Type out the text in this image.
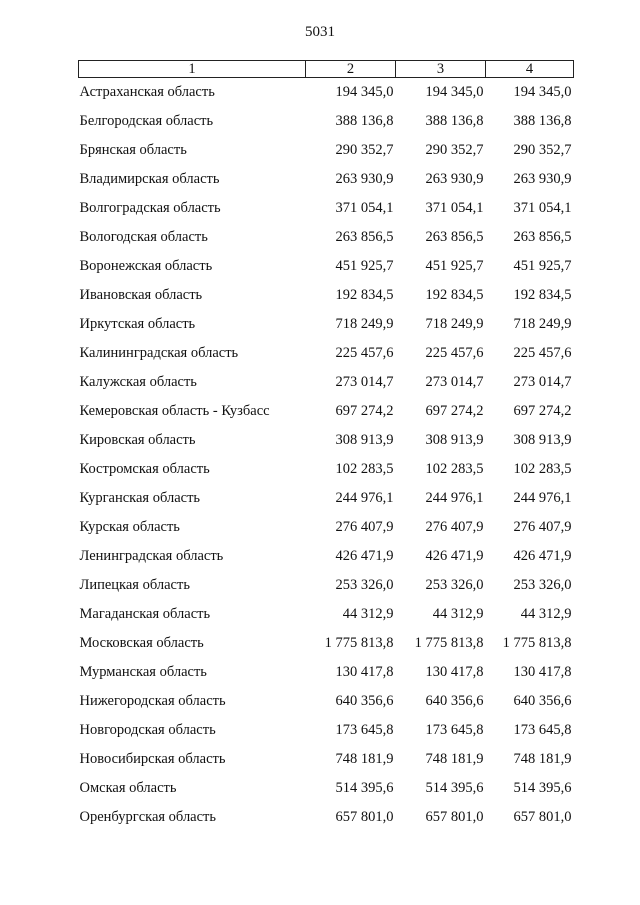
5031
1	2	3	4
Астраханская область	194 345,0	194 345,0	194 345,0
Белгородская область	388 136,8	388 136,8	388 136,8
Брянская область	290 352,7	290 352,7	290 352,7
Владимирская область	263 930,9	263 930,9	263 930,9
Волгоградская область	371 054,1	371 054,1	371 054,1
Вологодская область	263 856,5	263 856,5	263 856,5
Воронежская область	451 925,7	451 925,7	451 925,7
Ивановская область	192 834,5	192 834,5	192 834,5
Иркутская область	718 249,9	718 249,9	718 249,9
Калининградская область	225 457,6	225 457,6	225 457,6
Калужская область	273 014,7	273 014,7	273 014,7
Кемеровская область - Кузбасс	697 274,2	697 274,2	697 274,2
Кировская область	308 913,9	308 913,9	308 913,9
Костромская область	102 283,5	102 283,5	102 283,5
Курганская область	244 976,1	244 976,1	244 976,1
Курская область	276 407,9	276 407,9	276 407,9
Ленинградская область	426 471,9	426 471,9	426 471,9
Липецкая область	253 326,0	253 326,0	253 326,0
Магаданская область	44 312,9	44 312,9	44 312,9
Московская область	1 775 813,8	1 775 813,8	1 775 813,8
Мурманская область	130 417,8	130 417,8	130 417,8
Нижегородская область	640 356,6	640 356,6	640 356,6
Новгородская область	173 645,8	173 645,8	173 645,8
Новосибирская область	748 181,9	748 181,9	748 181,9
Омская область	514 395,6	514 395,6	514 395,6
Оренбургская область	657 801,0	657 801,0	657 801,0
